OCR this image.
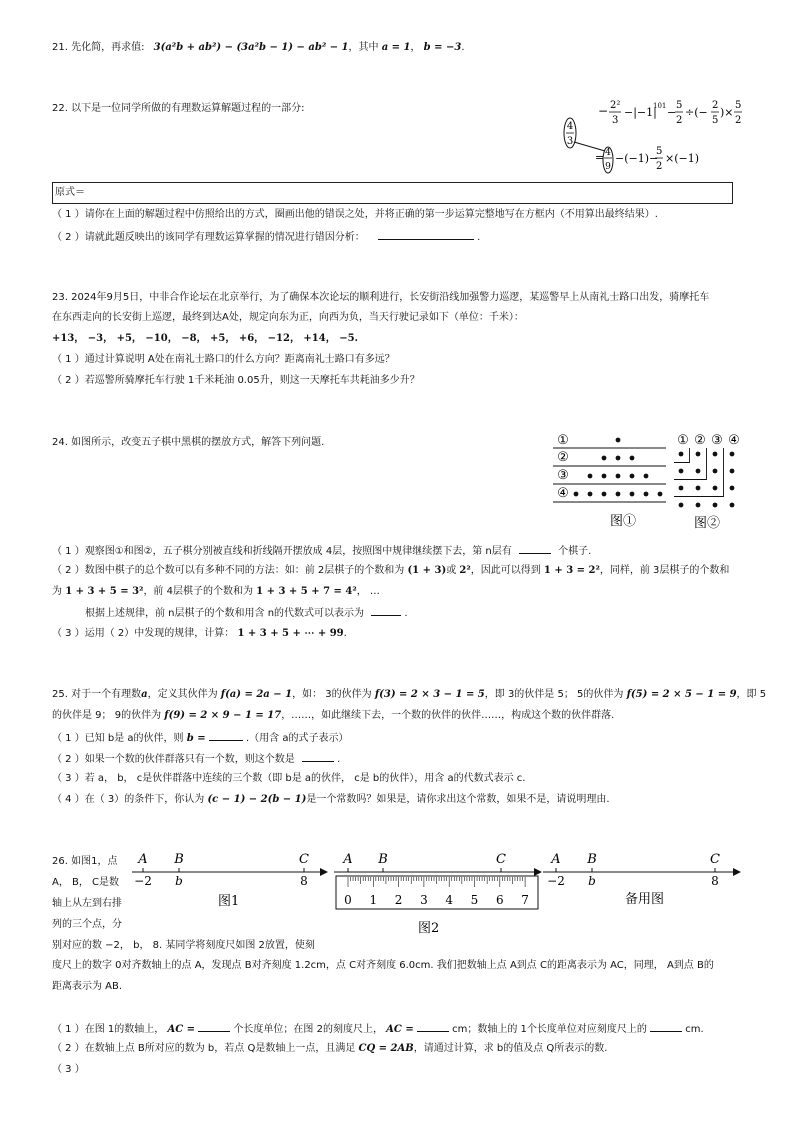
21. 先化简，再求值: 3(a²b + ab²) − (3a²b − 1) − ab² − 1，其中 a = 1， b = −3.
22. 以下是一位同学所做的有理数运算解题过程的一部分:
4
3
− 2²
3
−|−1|
101 −
5
2
÷(−
2
5
)×
5
2
= 4
9
−(−1)−
5
2
×(−1)
原式＝
（ 1 ）请你在上面的解题过程中仿照给出的方式，圈画出他的错误之处，并将正确的第一步运算完整地写在方框内（不用算出最终结果）.
（ 2 ）请就此题反映出的该同学有理数运算掌握的情况进行错因分析：	.
23. 2024年9月5日，中非合作论坛在北京举行，为了确保本次论坛的顺利进行，长安街沿线加强警力巡逻，某巡警早上从南礼士路口出发，骑摩托车
在东西走向的长安街上巡逻，最终到达A处，规定向东为正，向西为负，当天行驶记录如下（单位：千米）：
+13， −3， +5， −10， −8， +5， +6， −12， +14， −5.
（ 1 ）通过计算说明 A处在南礼士路口的什么方向？距离南礼士路口有多远？
（ 2 ）若巡警所骑摩托车行驶 1千米耗油 0.05升，则这一天摩托车共耗油多少升？
24. 如图所示，改变五子棋中黑棋的摆放方式，解答下列问题.	①
②
③
④
图①
① ② ③ ④
图②
（ 1 ）观察图①和图②，五子棋分别被直线和折线隔开摆放成 4层，按照图中规律继续摆下去，第 n层有	个棋子.
（ 2 ）数图中棋子的总个数可以有多种不同的方法：如：前 2层棋子的个数和为 (1 + 3)或 2²，因此可以得到 1 + 3 = 2²，同样，前 3层棋子的个数和
为 1 + 3 + 5 = 3²，前 4层棋子的个数和为 1 + 3 + 5 + 7 = 4²， …
根据上述规律，前 n层棋子的个数和用含 n的代数式可以表示为	.
（ 3 ）运用（ 2）中发现的规律，计算： 1 + 3 + 5 + ⋯ + 99.
25. 对于一个有理数a，定义其伙伴为 f(a) = 2a − 1，如： 3的伙伴为 f(3) = 2 × 3 − 1 = 5，即 3的伙伴是 5； 5的伙伴为 f(5) = 2 × 5 − 1 = 9，即 5
的伙伴是 9； 9的伙伴为 f(9) = 2 × 9 − 1 = 17，……，如此继续下去，一个数的伙伴的伙伴……，构成这个数的伙伴群落.
（ 1 ）已知 b是 a的伙伴，则 b =	.（用含 a的式子表示）
（ 2 ）如果一个数的伙伴群落只有一个数，则这个数是	.
（ 3 ）若 a， b， c是伙伴群落中连续的三个数（即 b是 a的伙伴， c是 b的伙伴），用含 a的代数式表示 c.
（ 4 ）在（ 3）的条件下，你认为 (c − 1) − 2(b − 1)是一个常数吗？如果是，请你求出这个常数，如果不是，请说明理由.
26. 如图1，点
A， B， C是数
轴上从左到右排
列的三个点，分
A B	C
−2 b	8
图1
A B	C
0 1 2 3 4 5 6 7
图2
A B	C
−2 b	8
备用图
别对应的数 −2， b， 8. 某同学将刻度尺如图 2放置，使刻
度尺上的数字 0对齐数轴上的点 A，发现点 B对齐刻度 1.2cm，点 C对齐刻度 6.0cm. 我们把数轴上点 A到点 C的距离表示为 AC，同理， A到点 B的
距离表示为 AB.
（ 1 ）在图 1的数轴上， AC =	个长度单位；在图 2的刻度尺上， AC =	cm；数轴上的 1个长度单位对应刻度尺上的	cm.
（ 2 ）在数轴上点 B所对应的数为 b，若点 Q是数轴上一点，且满足 CQ = 2AB，请通过计算，求 b的值及点 Q所表示的数.
（ 3 ）
